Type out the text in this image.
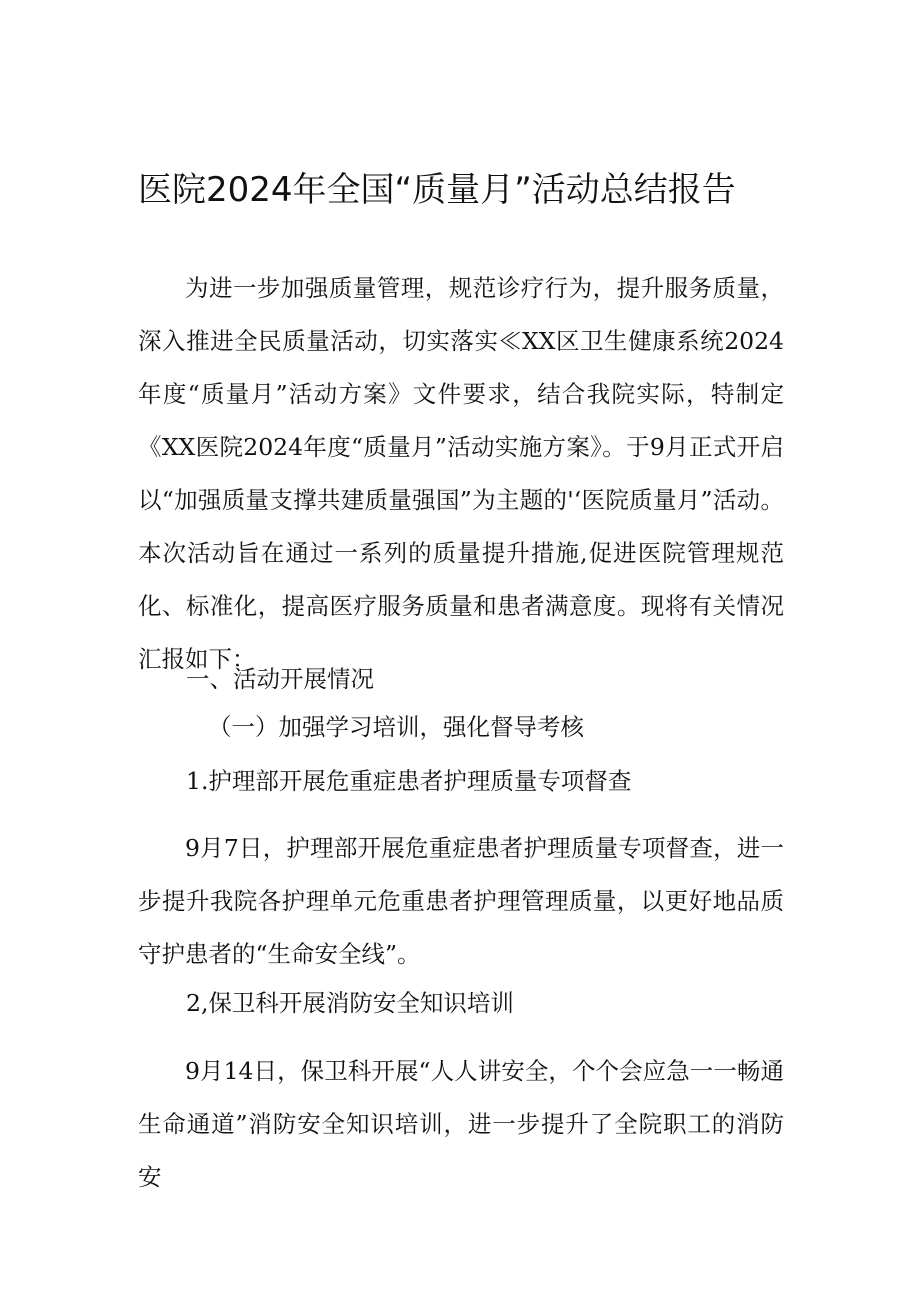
医院2024年全国“质量月”活动总结报告

为进一步加强质量管理，规范诊疗行为，提升服务质量，深入推进全民质量活动，切实落实≪XX区卫生健康系统2024年度“质量月”活动方案》文件要求，结合我院实际，特制定《XX医院2024年度“质量月”活动实施方案》。于9月正式开启以“加强质量支撑共建质量强国”为主题的'‘医院质量月”活动。本次活动旨在通过一系列的质量提升措施,促进医院管理规范化、标准化，提高医疗服务质量和患者满意度。现将有关情况汇报如下：

一、活动开展情况
（一）加强学习培训，强化督导考核
1.护理部开展危重症患者护理质量专项督查

9月7日，护理部开展危重症患者护理质量专项督查，进一步提升我院各护理单元危重患者护理管理质量，以更好地品质守护患者的“生命安全线”。

2,保卫科开展消防安全知识培训

9月14日，保卫科开展“人人讲安全，个个会应急一一畅通生命通道”消防安全知识培训，进一步提升了全院职工的消防安
